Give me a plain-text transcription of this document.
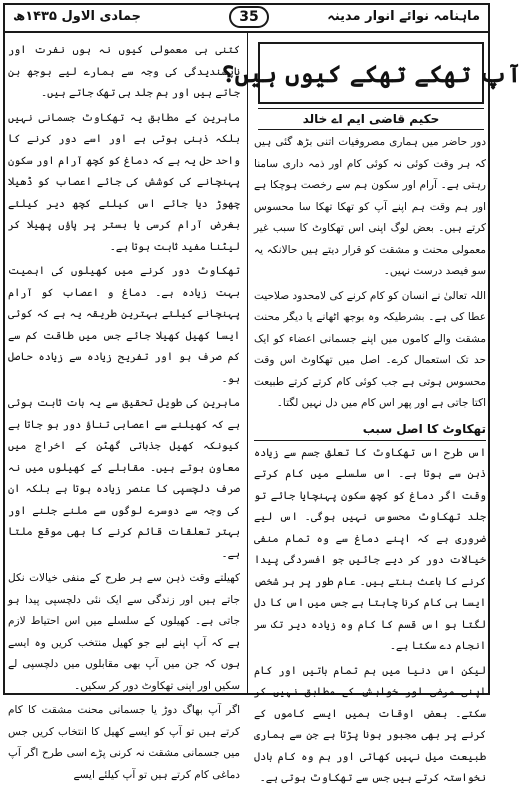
ماہنامہ نوائے انوار مدینہ
35
جمادی الاول ۱۴۳۵ھ
آپ تھکے تھکے کیوں ہیں؟
حکیم قاضی ایم اے خالد

دور حاضر میں ہماری مصروفیات اتنی بڑھ گئی ہیں کہ ہر وقت کوئی نہ کوئی کام اور ذمہ داری سامنا رہتی ہے۔ آرام اور سکون ہم سے رخصت ہوچکا ہے اور ہم وقت ہم اپنے آپ کو تھکا تھکا سا محسوس کرتے ہیں۔ بعض لوگ اپنی اس تھکاوٹ کا سبب غیر معمولی محنت و مشقت کو قرار دیتے ہیں حالانکہ یہ سو فیصد درست نہیں۔

اللہ تعالیٰ نے انسان کو کام کرنے کی لامحدود صلاحیت عطا کی ہے۔ بشرطیکہ وہ بوجھ اٹھانے یا دیگر محنت مشقت والے کاموں میں اپنے جسمانی اعضاء کو ایک حد تک استعمال کرے۔ اصل میں تھکاوٹ اس وقت محسوس ہوتی ہے جب کوئی کام کرتے کرتے طبیعت اکتا جاتی ہے اور پھر اس کام میں دل نہیں لگتا۔

تھکاوٹ کا اصل سبب

اس طرح اس تھکاوٹ کا تعلق جسم سے زیادہ ذہن سے ہوتا ہے۔ اس سلسلے میں کام کرتے وقت اگر دماغ کو کچھ سکون پہنچایا جائے تو جلد تھکاوٹ محسوس نہیں ہوگی۔ اس لیے ضروری ہے کہ اپنے دماغ سے وہ تمام منفی خیالات دور کر دیے جائیں جو افسردگی پیدا کرنے کا باعث بنتے ہیں۔ عام طور پر ہر شخص ایسا ہی کام کرنا چاہتا ہے جس میں اس کا دل لگتا ہو اس قسم کا کام وہ زیادہ دیر تک سر انجام دے سکتا ہے۔

لیکن اس دنیا میں ہم تمام باتیں اور کام اپنی مرضی اور خواہش کے مطابق نہیں کر سکتے۔ بعض اوقات ہمیں ایسے کاموں کے کرنے پر بھی مجبور ہونا پڑتا ہے جن سے ہماری طبیعت میل نہیں کھاتی اور ہم وہ کام بادل نخواستہ کرتے ہیں جس سے تھکاوٹ ہوتی ہے۔

کتنی ہی معمولی کیوں نہ ہوں نفرت اور ناپسندیدگی کی وجہ سے ہمارے لیے بوجھ بن جاتے ہیں اور ہم جلد ہی تھک جاتے ہیں۔

ماہرین کے مطابق یہ تھکاوٹ جسمانی نہیں بلکہ ذہنی ہوتی ہے اور اسے دور کرنے کا واحد حل یہ ہے کہ دماغ کو کچھ آرام اور سکون پہنچانے کی کوشش کی جائے اعصاب کو ڈھیلا چھوڑ دیا جائے اس کیلئے کچھ دیر کیلئے بغرض آرام کرسی یا بستر پر پاؤں پھیلا کر لیٹنا مفید ثابت ہوتا ہے۔

تھکاوٹ دور کرنے میں کھیلوں کی اہمیت بہت زیادہ ہے۔ دماغ و اعصاب کو آرام پہنچانے کیلئے بہترین طریقہ یہ ہے کہ کوئی ایسا کھیل کھیلا جائے جس میں طاقت کم سے کم صرف ہو اور تفریح زیادہ سے زیادہ حاصل ہو۔

ماہرین کی طویل تحقیق سے یہ بات ثابت ہوئی ہے کہ کھیلنے سے اعصابی تناؤ دور ہو جاتا ہے کیونکہ کھیل جذباتی گھٹن کے اخراج میں معاون ہوتے ہیں۔ مقابلے کے کھیلوں میں نہ صرف دلچسپی کا عنصر زیادہ ہوتا ہے بلکہ ان کی وجہ سے دوسرے لوگوں سے ملنے جلنے اور بہتر تعلقات قائم کرنے کا بھی موقع ملتا ہے۔

کھیلتے وقت ذہن سے ہر طرح کے منفی خیالات نکل جاتے ہیں اور زندگی سے ایک نئی دلچسپی پیدا ہو جاتی ہے۔ کھیلوں کے سلسلے میں اس احتیاط لازم ہے کہ آپ اپنے لیے جو کھیل منتخب کریں وہ ایسے ہوں کہ جن میں آپ بھی مقابلوں میں دلچسپی لے سکیں اور اپنی تھکاوٹ دور کر سکیں۔

اگر آپ بھاگ دوڑ یا جسمانی محنت مشقت کا کام کرتے ہیں تو آپ کو ایسے کھیل کا انتخاب کریں جس میں جسمانی مشقت نہ کرنی پڑے اسی طرح اگر آپ دماغی کام کرتے ہیں تو آپ کیلئے ایسے
